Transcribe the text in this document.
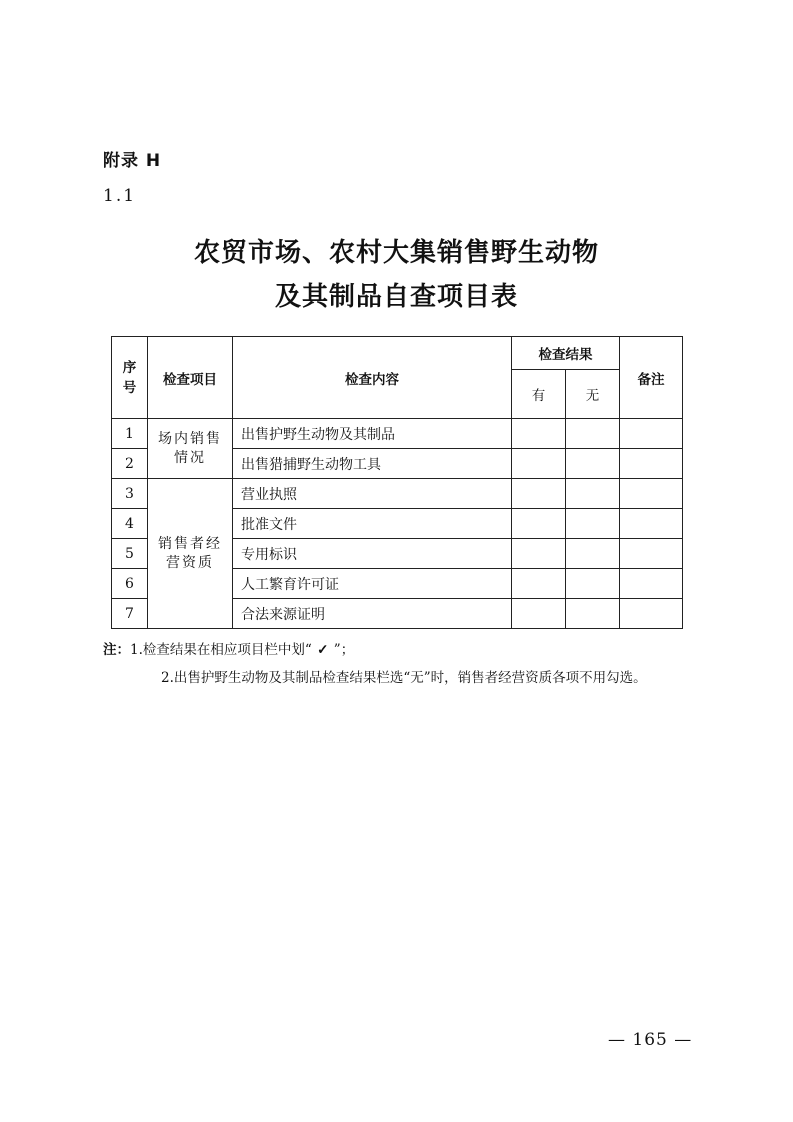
附录 H
1.1
农贸市场、农村大集销售野生动物
及其制品自查项目表
序号	检查项目	检查内容	检查结果		备注
			有	无	
1	场内销售情况	出售护野生动物及其制品			
2		出售猎捕野生动物工具			
3	销售者经营资质	营业执照			
4		批准文件			
5		专用标识			
6		人工繁育许可证			
7		合法来源证明			
注：1.检查结果在相应项目栏中划“ ✓ ”；
2.出售护野生动物及其制品检查结果栏选“无”时，销售者经营资质各项不用勾选。
— 165 —
